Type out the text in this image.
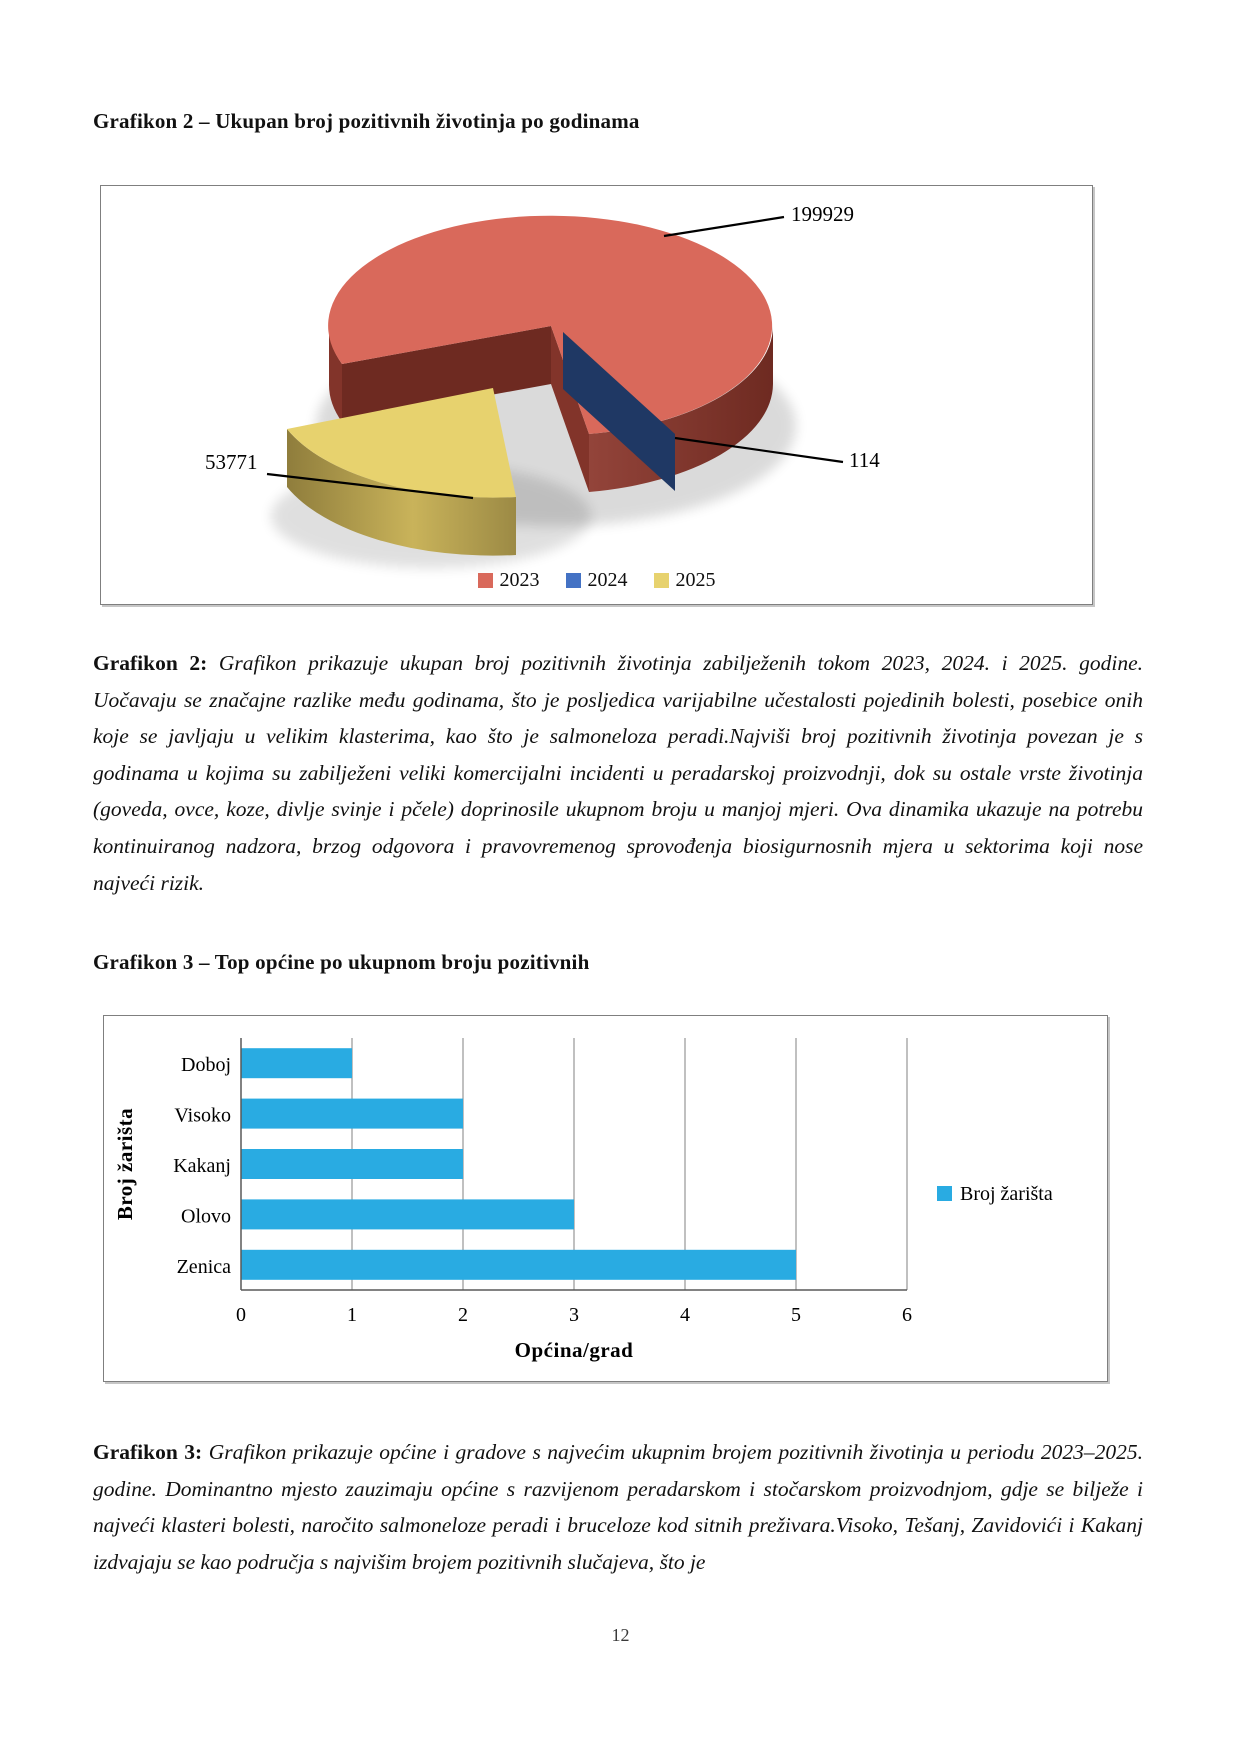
Grafikon 2 – Ukupan broj pozitivnih životinja po godinama
199929
114
53771
2023 2024 2025

Grafikon 2: Grafikon prikazuje ukupan broj pozitivnih životinja zabilježenih tokom 2023, 2024. i 2025. godine. Uočavaju se značajne razlike među godinama, što je posljedica varijabilne učestalosti pojedinih bolesti, posebice onih koje se javljaju u velikim klasterima, kao što je salmoneloza peradi.Najviši broj pozitivnih životinja povezan je s godinama u kojima su zabilježeni veliki komercijalni incidenti u peradarskoj proizvodnji, dok su ostale vrste životinja (goveda, ovce, koze, divlje svinje i pčele) doprinosile ukupnom broju u manjoj mjeri. Ova dinamika ukazuje na potrebu kontinuiranog nadzora, brzog odgovora i pravovremenog sprovođenja biosigurnosnih mjera u sektorima koji nose najveći rizik.

Grafikon 3 – Top općine po ukupnom broju pozitivnih
0	1	2	3	4	5	6
Doboj
Visoko
Kakanj
Olovo
Zenica
Općina/grad
Broj žarišta	Broj žarišta

Grafikon 3: Grafikon prikazuje općine i gradove s najvećim ukupnim brojem pozitivnih životinja u periodu 2023–2025. godine. Dominantno mjesto zauzimaju općine s razvijenom peradarskom i stočarskom proizvodnjom, gdje se bilježe i najveći klasteri bolesti, naročito salmoneloze peradi i bruceloze kod sitnih preživara.Visoko, Tešanj, Zavidovići i Kakanj izdvajaju se kao područja s najvišim brojem pozitivnih slučajeva, što je

12
